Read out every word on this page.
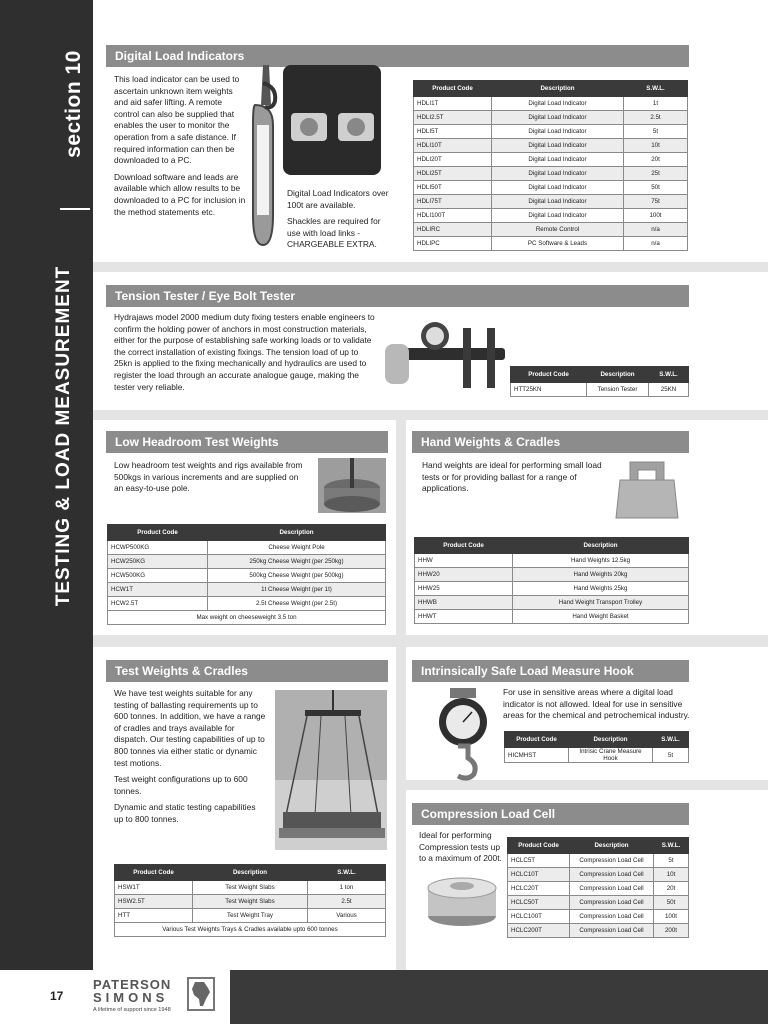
section 10
TESTING & LOAD MEASUREMENT
Digital Load Indicators

This load indicator can be used to ascertain unknown item weights and aid safer lifting. A remote control can also be supplied that enables the user to monitor the operation from a safe distance. If required information can then be downloaded to a PC.

Download software and leads are available which allow results to be downloaded to a PC for inclusion in the method statements etc.

Digital Load Indicators over 100t are available.

Shackles are required for use with load links - CHARGEABLE EXTRA.

Product Code	Description	S.W.L.
HDLI1T	Digital Load Indicator	1t
HDLI2.5T	Digital Load Indicator	2.5t
HDLI5T	Digital Load Indicator	5t
HDLI10T	Digital Load Indicator	10t
HDLI20T	Digital Load Indicator	20t
HDLI25T	Digital Load Indicator	25t
HDLI50T	Digital Load Indicator	50t
HDLI75T	Digital Load Indicator	75t
HDLI100T	Digital Load Indicator	100t
HDLIRC	Remote Control	n/a
HDLIPC	PC Software & Leads	n/a
Tension Tester / Eye Bolt Tester
Hydrajaws model 2000 medium duty fixing testers enable engineers to confirm the holding power of anchors in most construction materials, either for the purpose of establishing safe working loads or to validate the correct installation of existing fixings. The tension load of up to 25kn is applied to the fixing mechanically and hydraulics are used to register the load through an accurate analogue gauge, making the tester very reliable.
Product Code	Description	S.W.L.
HTT25KN	Tension Tester	25KN
Low Headroom Test Weights
Low headroom test weights and rigs available from 500kgs in various increments and are supplied on an easy-to-use pole.
Product Code	Description
HCWP500KG	Cheese Weight Pole
HCW250KG	250kg Cheese Weight (per 250kg)
HCW500KG	500kg Cheese Weight (per 500kg)
HCW1T	1t Cheese Weight (per 1t)
HCW2.5T	2.5t Cheese Weight (per 2.5t)
Max weight on cheeseweight 3.5 ton	
Hand Weights & Cradles
Hand weights are ideal for performing small load tests or for providing ballast for a range of applications.
Product Code	Description
HHW	Hand Weights 12.5kg
HHW20	Hand Weights 20kg
HHW25	Hand Weights 25kg
HHWB	Hand Weight Transport Trolley
HHWT	Hand Weight Basket
Test Weights & Cradles

We have test weights suitable for any testing of ballasting requirements up to 600 tonnes. In addition, we have a range of cradles and trays available for dispatch. Our testing capabilities of up to 800 tonnes via either static or dynamic test motions.

Test weight configurations up to 600 tonnes.

Dynamic and static testing capabilities up to 800 tonnes.

Product Code	Description	S.W.L.
HSW1T	Test Weight Slabs	1 ton
HSW2.5T	Test Weight Slabs	2.5t
HTT	Test Weight Tray	Various
Various Test Weights Trays & Cradles available upto 600 tonnes		
Intrinsically Safe Load Measure Hook
For use in sensitive areas where a digital load indicator is not allowed. Ideal for use in sensitive areas for the chemical and petrochemical industry.
Product Code	Description	S.W.L.
HICMHST	Intrisic Crane Measure Hook	5t
Compression Load Cell
Ideal for performing Compression tests up to a maximum of 200t.
Product Code	Description	S.W.L.
HCLC5T	Compression Load Cell	5t
HCLC10T	Compression Load Cell	10t
HCLC20T	Compression Load Cell	20t
HCLC50T	Compression Load Cell	50t
HCLC100T	Compression Load Cell	100t
HCLC200T	Compression Load Cell	200t
17
PATERSON
SIMONS
A lifetime of support since 1948
